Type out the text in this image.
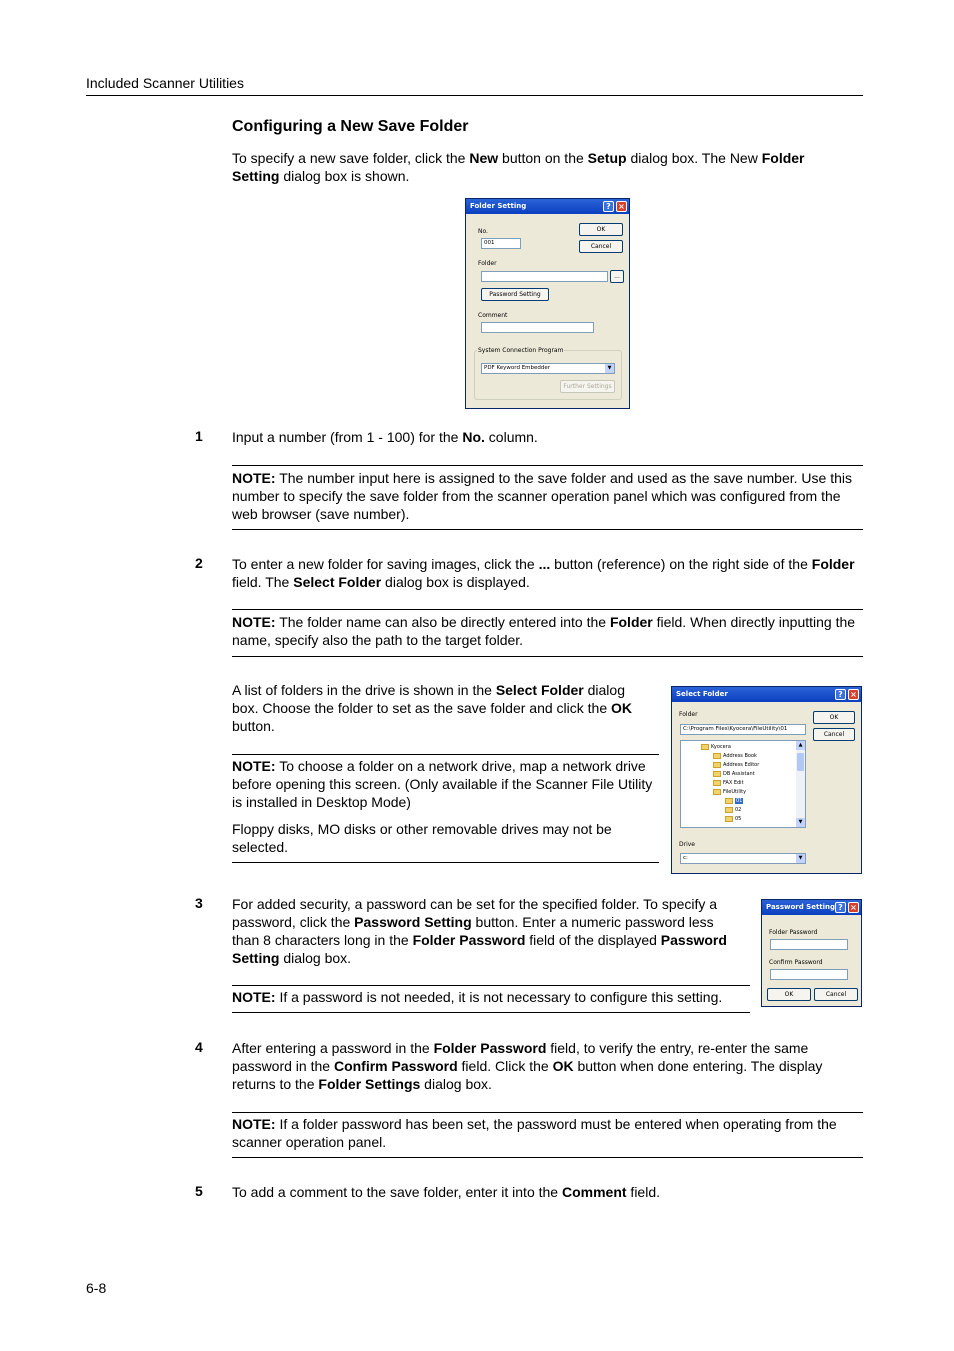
Included Scanner Utilities
Configuring a New Save Folder
To specify a new save folder, click the New button on the Setup dialog box. The New Folder Setting dialog box is shown.
Folder Setting	? ×
No.
001
OK
Cancel
Folder
...
Password Setting
Comment
System Connection Program
PDF Keyword Embedder	▼
Further Settings
1 Input a number (from 1 - 100) for the No. column.
NOTE: The number input here is assigned to the save folder and used as the save number. Use this number to specify the save folder from the scanner operation panel which was configured from the web browser (save number).
2 To enter a new folder for saving images, click the ... button (reference) on the right side of the Folder field. The Select Folder dialog box is displayed.
NOTE: The folder name can also be directly entered into the Folder field. When directly inputting the name, specify also the path to the target folder.
A list of folders in the drive is shown in the Select Folder dialog box. Choose the folder to set as the save folder and click the OK button.
NOTE: To choose a folder on a network drive, map a network drive before opening this screen. (Only available if the Scanner File Utility is installed in Desktop Mode)
Floppy disks, MO disks or other removable drives may not be selected.
Select Folder	? ×
Folder
C:\Program Files\Kyocera\FileUtility\01
OK
Cancel
Kyocera
Address Book
Address Editor
DB Assistant
FAX Edit
FileUtility
01
02
05
▲
▼
Drive
c:	▼
3 For added security, a password can be set for the specified folder. To specify a password, click the Password Setting button. Enter a numeric password less than 8 characters long in the Folder Password field of the displayed Password Setting dialog box.
Password Setting ? ×
Folder Password
Confirm Password
OK	Cancel
NOTE: If a password is not needed, it is not necessary to configure this setting.
4 After entering a password in the Folder Password field, to verify the entry, re-enter the same password in the Confirm Password field. Click the OK button when done entering. The display returns to the Folder Settings dialog box.
NOTE: If a folder password has been set, the password must be entered when operating from the scanner operation panel.
5 To add a comment to the save folder, enter it into the Comment field.
6-8
